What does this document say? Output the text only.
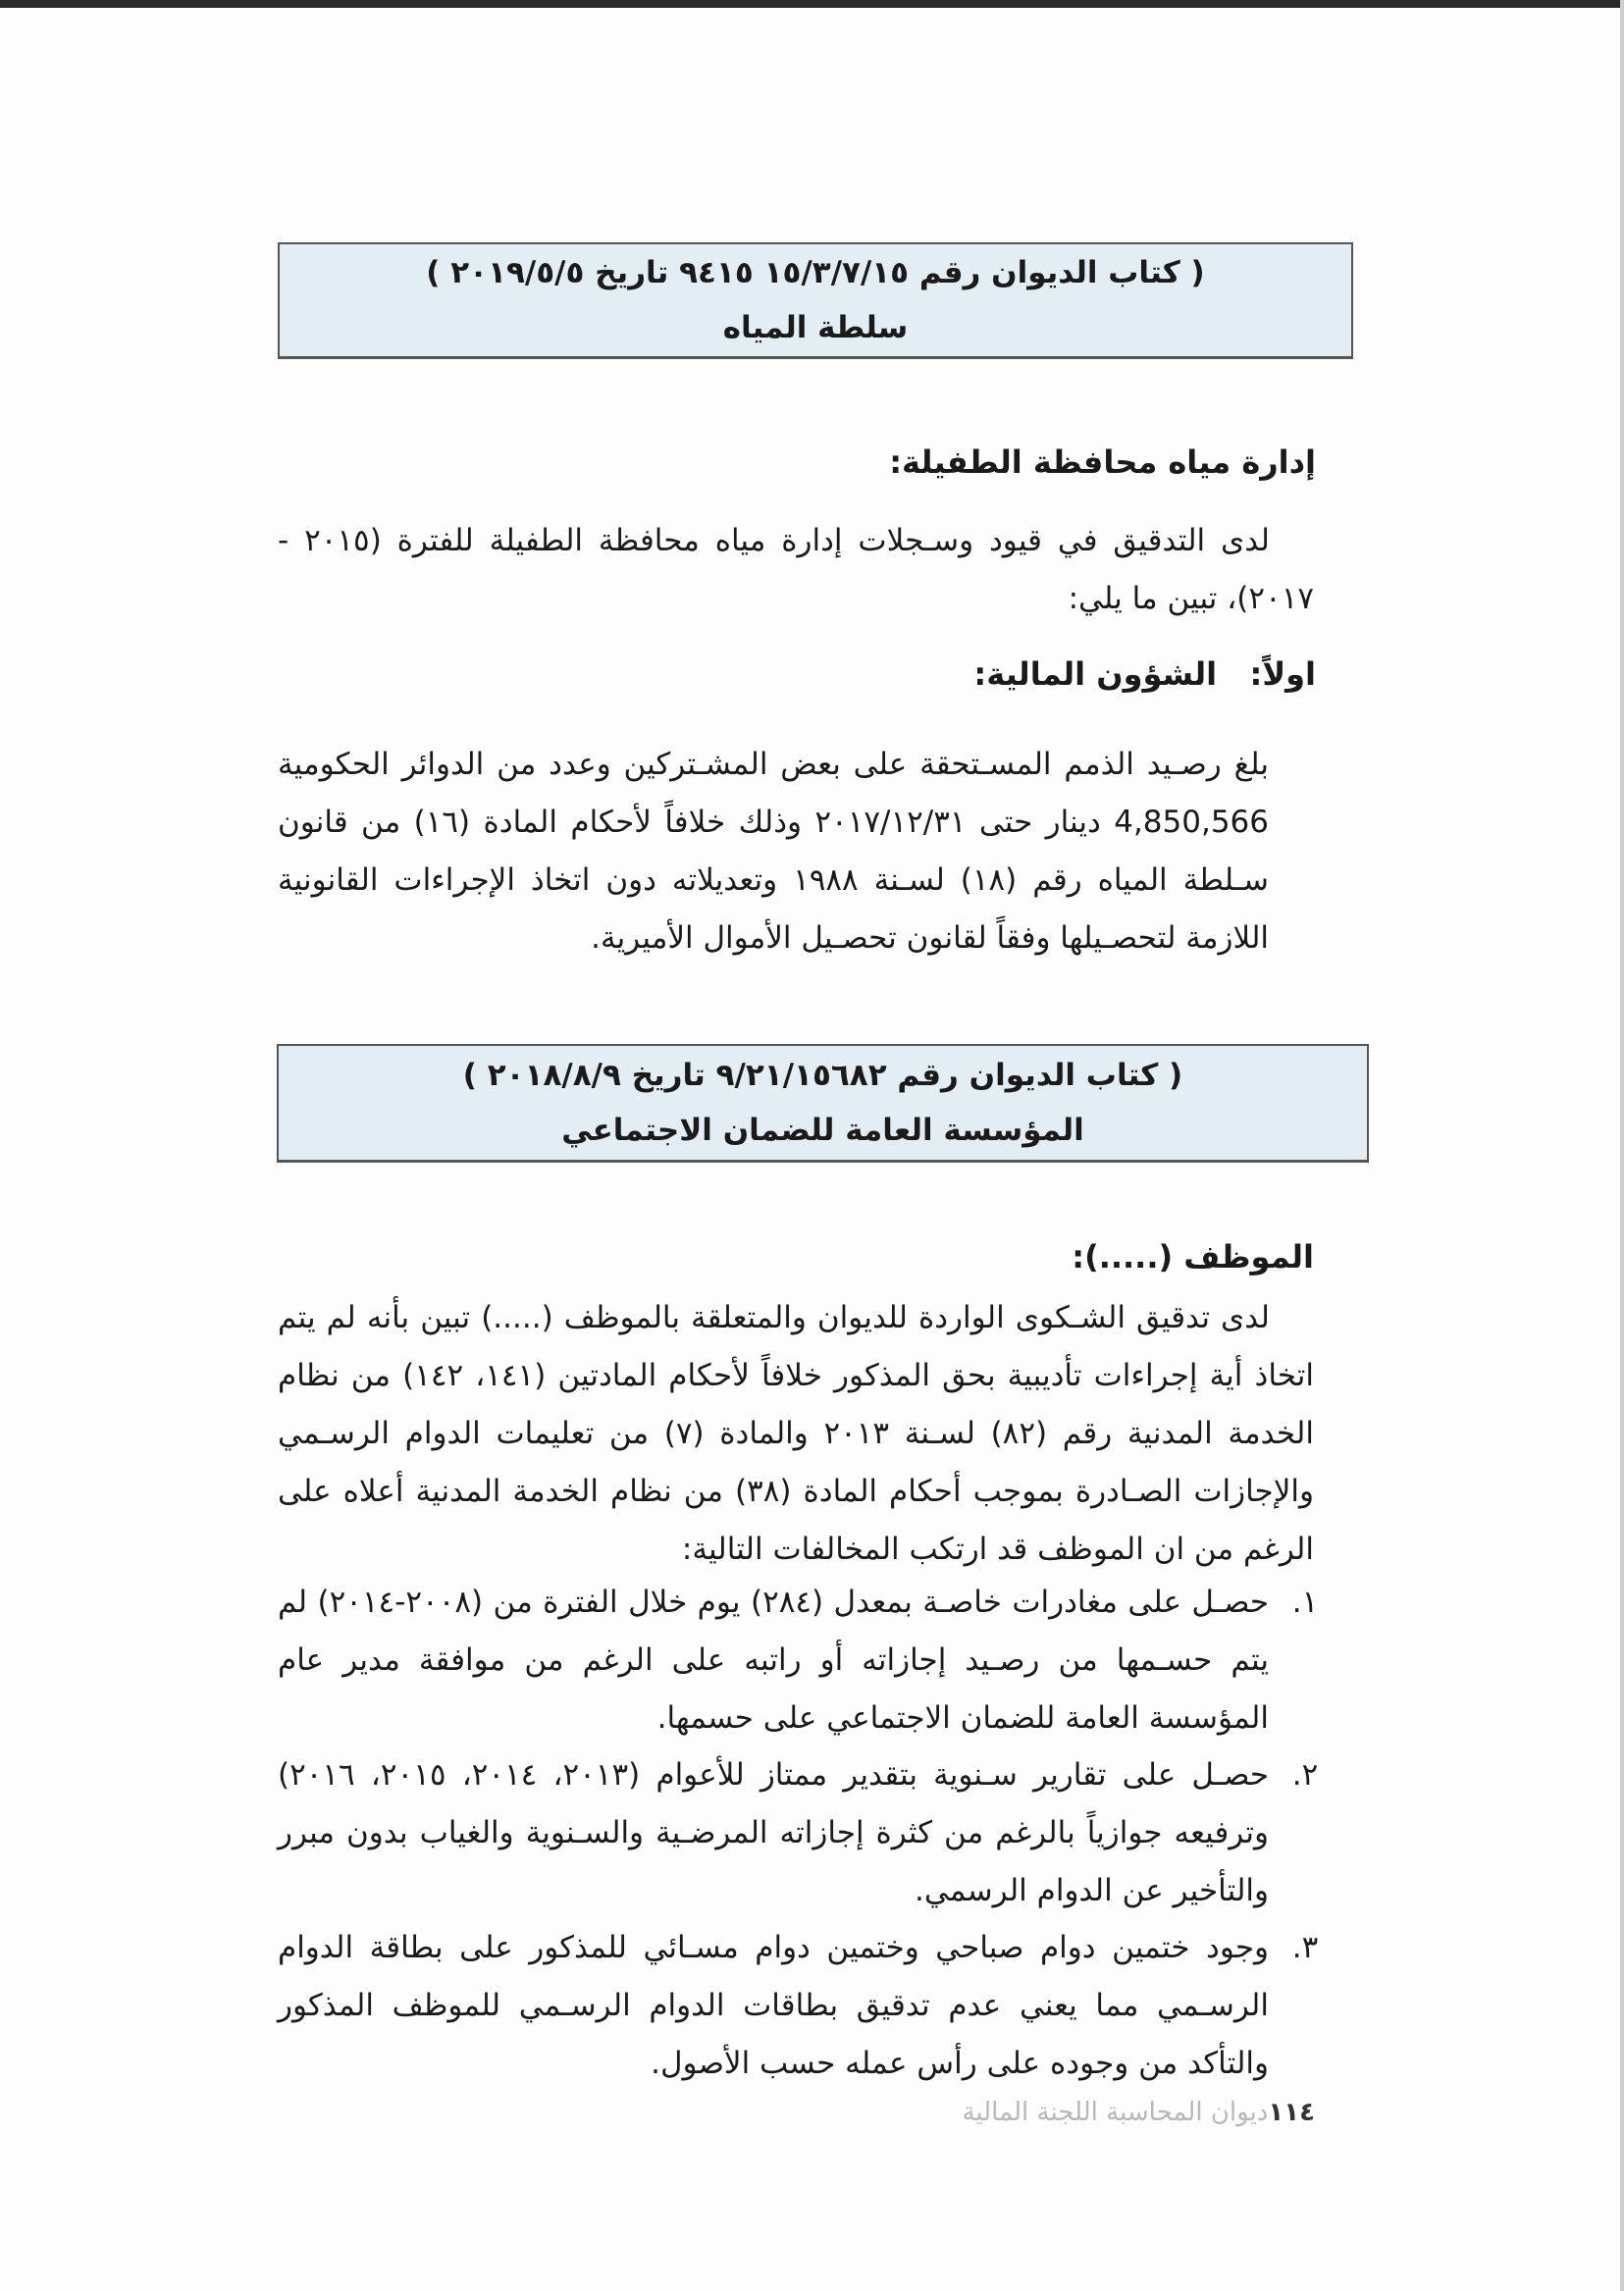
( كتاب الديوان رقم ١٥/٣/٧/١٥ ٩٤١٥ تاريخ ٢٠١٩/٥/٥ )
سلطة المياه
إدارة مياه محافظة الطفيلة:
لدى التدقيق في قيود وسـجلات إدارة مياه محافظة الطفيلة للفترة (٢٠١٥ - ٢٠١٧)، تبين ما يلي:
اولاً:   الشؤون المالية:
بلغ رصـيد الذمم المسـتحقة على بعض المشـتركين وعدد من الدوائر الحكومية 4,850,566 دينار حتى ٢٠١٧/١٢/٣١ وذلك خلافاً لأحكام المادة (١٦) من قانون سـلطة المياه رقم (١٨) لسـنة ١٩٨٨ وتعديلاته دون اتخاذ الإجراءات القانونية اللازمة لتحصـيلها وفقاً لقانون تحصـيل الأموال الأميرية.
( كتاب الديوان رقم ٩/٢١/١٥٦٨٢ تاريخ ٢٠١٨/٨/٩ )
المؤسسة العامة للضمان الاجتماعي
الموظف (.....):
لدى تدقيق الشـكوى الواردة للديوان والمتعلقة بالموظف (.....) تبين بأنه لم يتم اتخاذ أية إجراءات تأديبية بحق المذكور خلافاً لأحكام المادتين (١٤١، ١٤٢) من نظام الخدمة المدنية رقم (٨٢) لسـنة ٢٠١٣ والمادة (٧) من تعليمات الدوام الرسـمي والإجازات الصـادرة بموجب أحكام المادة (٣٨) من نظام الخدمة المدنية أعلاه على الرغم من ان الموظف قد ارتكب المخالفات التالية:
١.
حصـل على مغادرات خاصـة بمعدل (٢٨٤) يوم خلال الفترة من (٢٠٠٨-٢٠١٤) لم يتم حسـمها من رصـيد إجازاته أو راتبه على الرغم من موافقة مدير عام المؤسسة العامة للضمان الاجتماعي على حسمها.
٢.
حصـل على تقارير سـنوية بتقدير ممتاز للأعوام (٢٠١٣، ٢٠١٤، ٢٠١٥، ٢٠١٦) وترفيعه جوازياً بالرغم من كثرة إجازاته المرضـية والسـنوية والغياب بدون مبرر والتأخير عن الدوام الرسمي.
٣.
وجود ختمين دوام صباحي وختمين دوام مسـائي للمذكور على بطاقة الدوام الرسـمي مما يعني عدم تدقيق بطاقات الدوام الرسـمي للموظف المذكور والتأكد من وجوده على رأس عمله حسب الأصول.
١١٤ديوان المحاسبة اللجنة المالية
